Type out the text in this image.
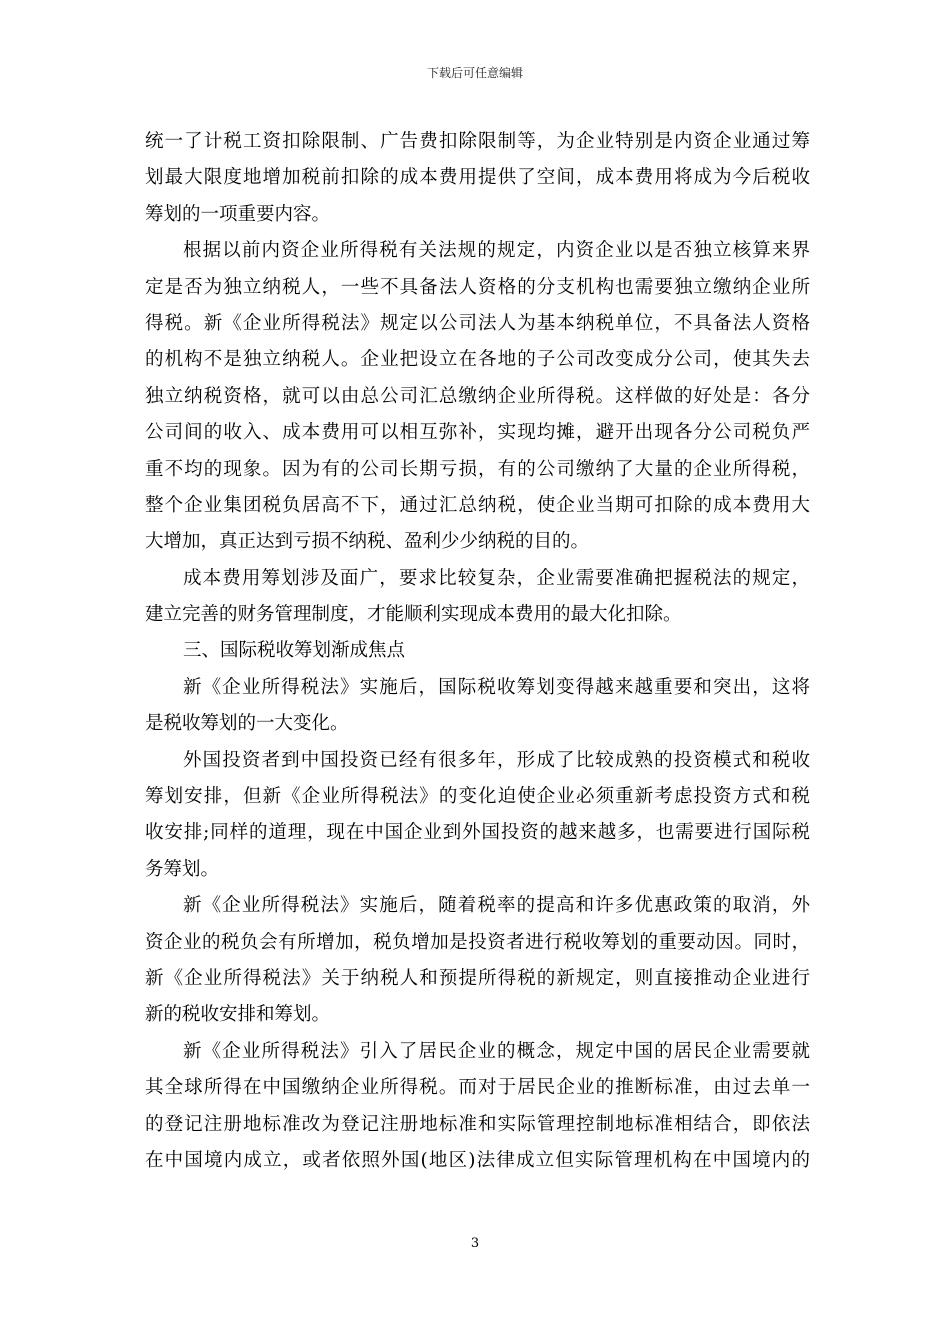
下载后可任意编辑
统一了计税工资扣除限制、广告费扣除限制等，为企业特别是内资企业通过筹
划最大限度地增加税前扣除的成本费用提供了空间，成本费用将成为今后税收
筹划的一项重要内容。
根据以前内资企业所得税有关法规的规定，内资企业以是否独立核算来界
定是否为独立纳税人，一些不具备法人资格的分支机构也需要独立缴纳企业所
得税。新《企业所得税法》规定以公司法人为基本纳税单位，不具备法人资格
的机构不是独立纳税人。企业把设立在各地的子公司改变成分公司，使其失去
独立纳税资格，就可以由总公司汇总缴纳企业所得税。这样做的好处是：各分
公司间的收入、成本费用可以相互弥补，实现均摊，避开出现各分公司税负严
重不均的现象。因为有的公司长期亏损，有的公司缴纳了大量的企业所得税，
整个企业集团税负居高不下，通过汇总纳税，使企业当期可扣除的成本费用大
大增加，真正达到亏损不纳税、盈利少少纳税的目的。
成本费用筹划涉及面广，要求比较复杂，企业需要准确把握税法的规定，
建立完善的财务管理制度，才能顺利实现成本费用的最大化扣除。
三、国际税收筹划渐成焦点
新《企业所得税法》实施后，国际税收筹划变得越来越重要和突出，这将
是税收筹划的一大变化。
外国投资者到中国投资已经有很多年，形成了比较成熟的投资模式和税收
筹划安排，但新《企业所得税法》的变化迫使企业必须重新考虑投资方式和税
收安排;同样的道理，现在中国企业到外国投资的越来越多，也需要进行国际税
务筹划。
新《企业所得税法》实施后，随着税率的提高和许多优惠政策的取消，外
资企业的税负会有所增加，税负增加是投资者进行税收筹划的重要动因。同时，
新《企业所得税法》关于纳税人和预提所得税的新规定，则直接推动企业进行
新的税收安排和筹划。
新《企业所得税法》引入了居民企业的概念，规定中国的居民企业需要就
其全球所得在中国缴纳企业所得税。而对于居民企业的推断标准，由过去单一
的登记注册地标准改为登记注册地标准和实际管理控制地标准相结合，即依法
在中国境内成立，或者依照外国(地区)法律成立但实际管理机构在中国境内的
3
